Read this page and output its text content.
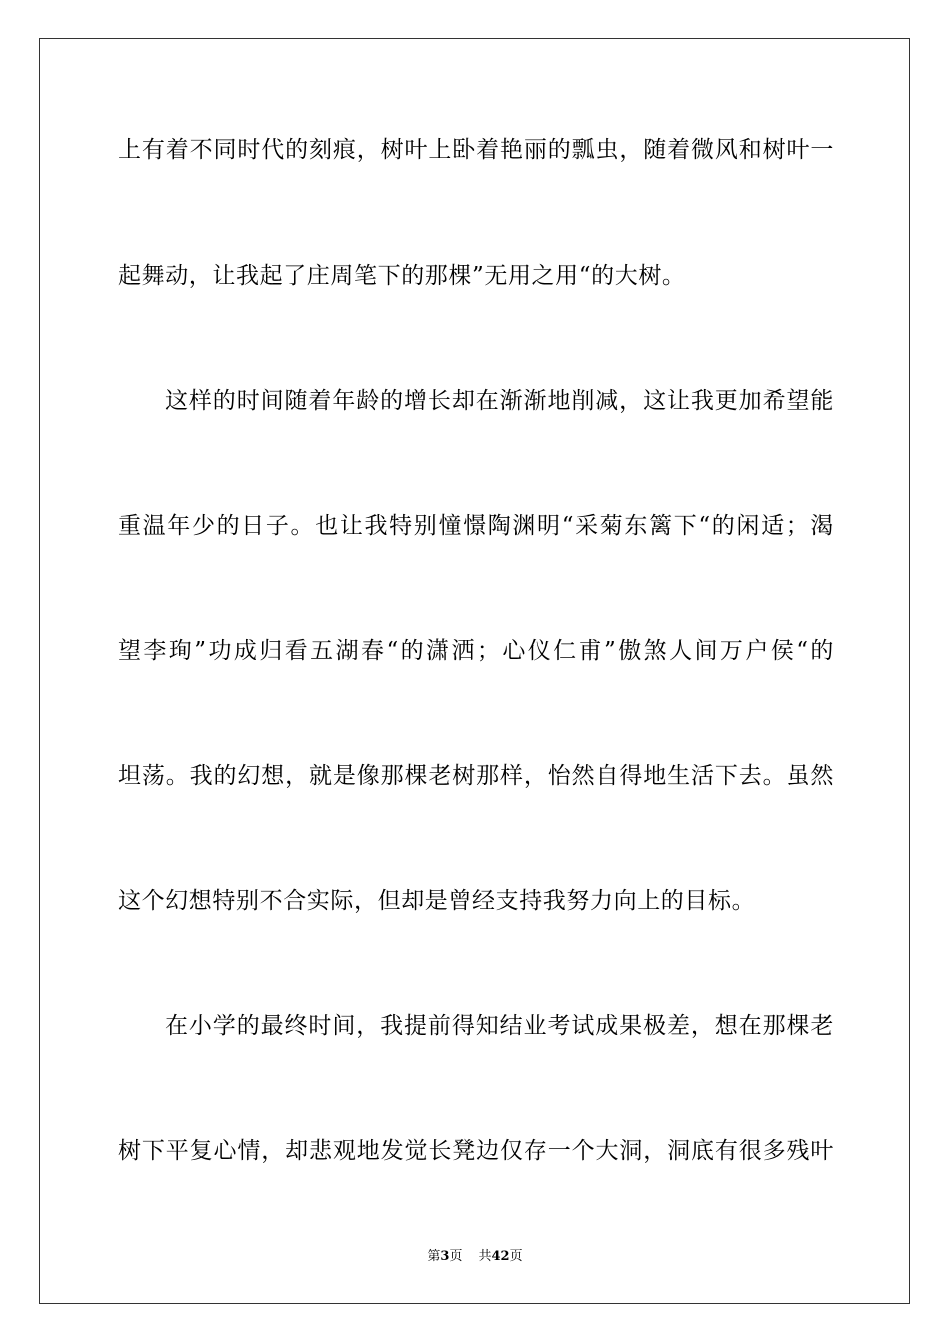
上有着不同时代的刻痕，树叶上卧着艳丽的瓢虫，随着微风和树叶一
起舞动，让我起了庄周笔下的那棵”无用之用“的大树。
这样的时间随着年龄的增长却在渐渐地削减，这让我更加希望能
重温年少的日子。也让我特别憧憬陶渊明“采菊东篱下“的闲适；渴
望李珣”功成归看五湖春“的潇洒；心仪仁甫”傲煞人间万户侯“的
坦荡。我的幻想，就是像那棵老树那样，怡然自得地生活下去。虽然
这个幻想特别不合实际，但却是曾经支持我努力向上的目标。
在小学的最终时间，我提前得知结业考试成果极差，想在那棵老
树下平复心情，却悲观地发觉长凳边仅存一个大洞，洞底有很多残叶
第3页 共42页
